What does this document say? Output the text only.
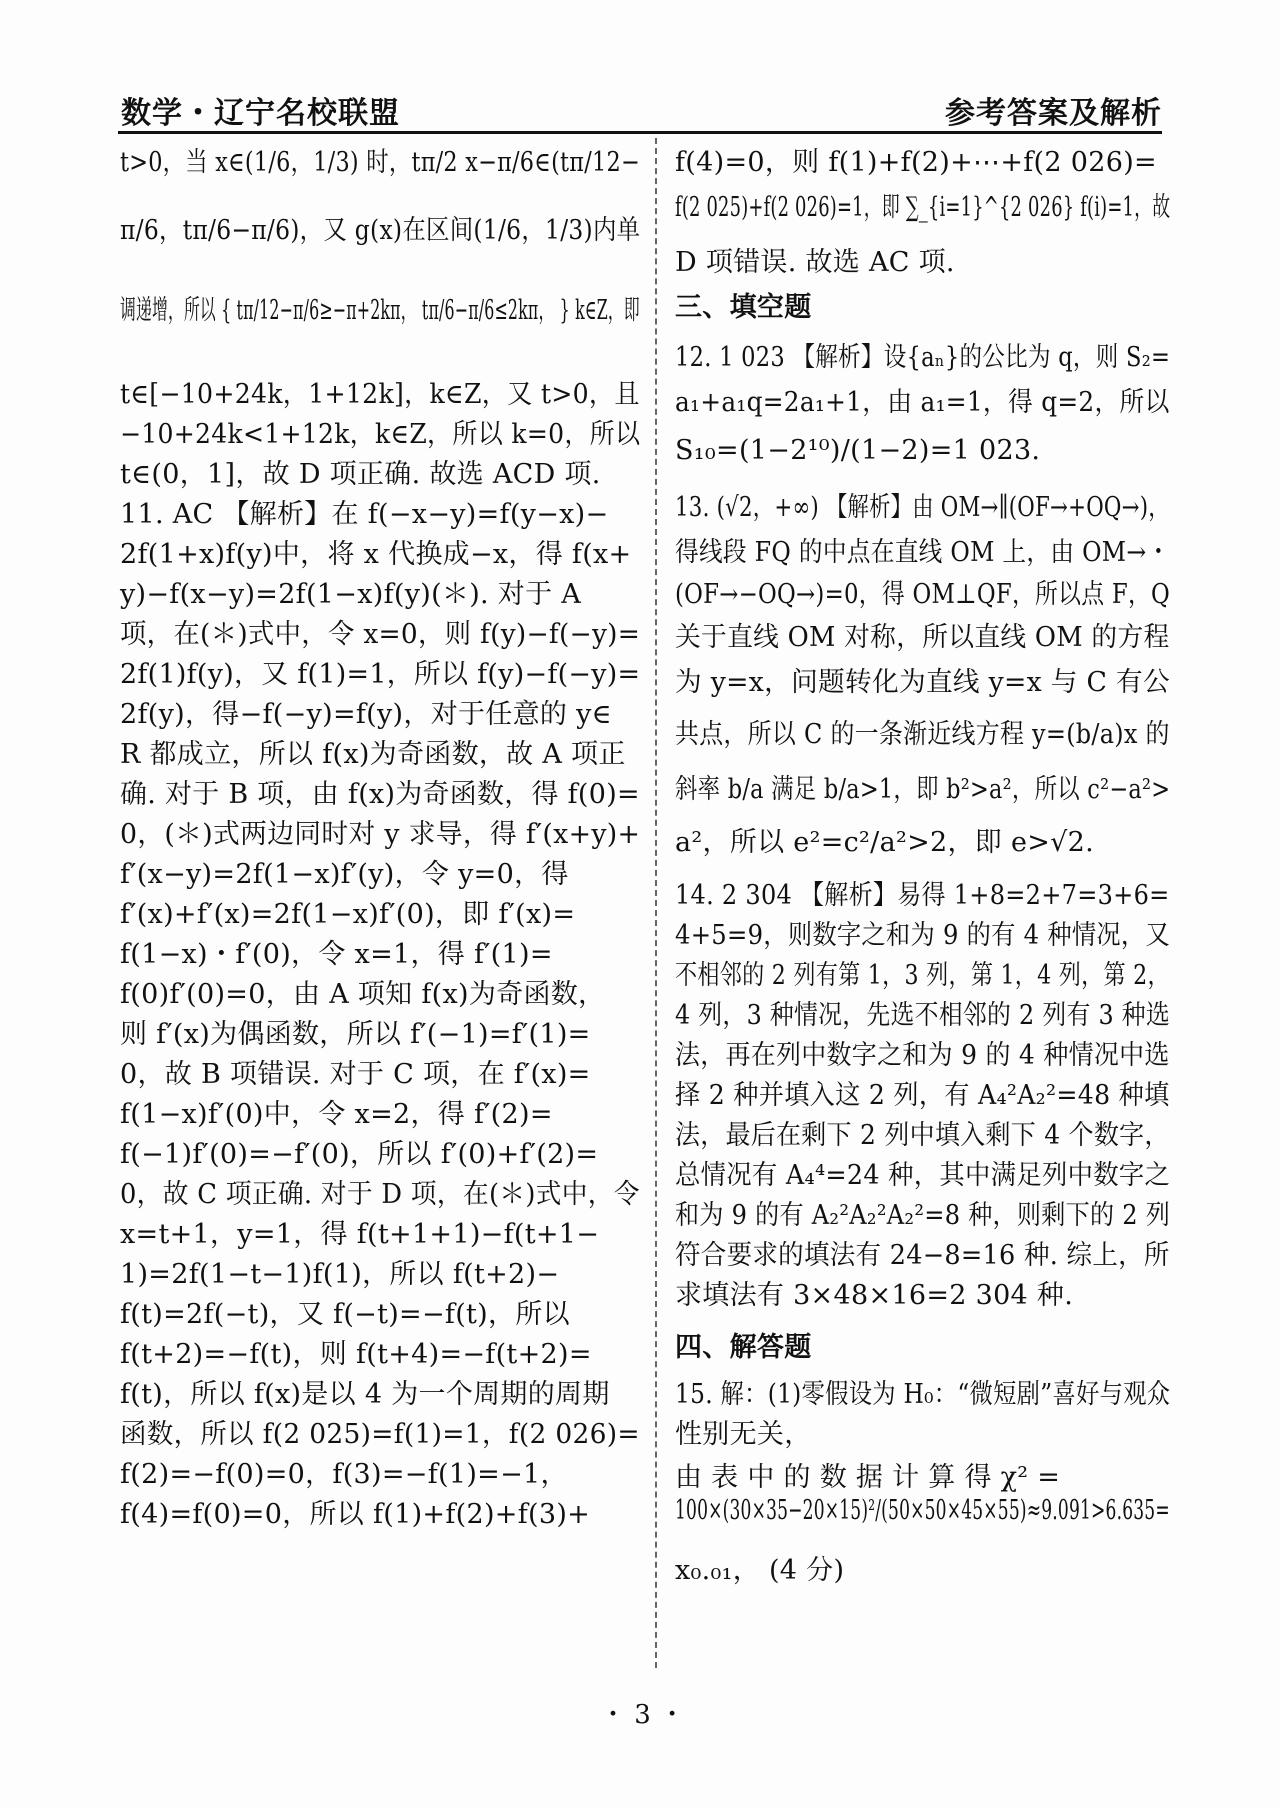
数学・辽宁名校联盟	参考答案及解析
t>0，当 x∈(1/6，1/3) 时，tπ/2 x−π/6∈(tπ/12−
π/6，tπ/6−π/6)，又 g(x)在区间(1/6，1/3)内单
调递增，所以 { tπ/12−π/6≥−π+2kπ， tπ/6−π/6≤2kπ， } k∈Z，即
t∈[−10+24k，1+12k]，k∈Z，又 t>0，且
−10+24k<1+12k，k∈Z，所以 k=0，所以
t∈(0，1]，故 D 项正确. 故选 ACD 项.
11. AC 【解析】在 f(−x−y)=f(y−x)−
2f(1+x)f(y)中，将 x 代换成−x，得 f(x+
y)−f(x−y)=2f(1−x)f(y)(＊). 对于 A
项，在(＊)式中，令 x=0，则 f(y)−f(−y)=
2f(1)f(y)，又 f(1)=1，所以 f(y)−f(−y)=
2f(y)，得−f(−y)=f(y)，对于任意的 y∈
R 都成立，所以 f(x)为奇函数，故 A 项正
确. 对于 B 项，由 f(x)为奇函数，得 f(0)=
0，(＊)式两边同时对 y 求导，得 f′(x+y)+
f′(x−y)=2f(1−x)f′(y)，令 y=0，得
f′(x)+f′(x)=2f(1−x)f′(0)，即 f′(x)=
f(1−x)・f′(0)，令 x=1，得 f′(1)=
f(0)f′(0)=0，由 A 项知 f(x)为奇函数，
则 f′(x)为偶函数，所以 f′(−1)=f′(1)=
0，故 B 项错误. 对于 C 项，在 f′(x)=
f(1−x)f′(0)中，令 x=2，得 f′(2)=
f(−1)f′(0)=−f′(0)，所以 f′(0)+f′(2)=
0，故 C 项正确. 对于 D 项，在(＊)式中，令
x=t+1，y=1，得 f(t+1+1)−f(t+1−
1)=2f(1−t−1)f(1)，所以 f(t+2)−
f(t)=2f(−t)，又 f(−t)=−f(t)，所以
f(t+2)=−f(t)，则 f(t+4)=−f(t+2)=
f(t)，所以 f(x)是以 4 为一个周期的周期
函数，所以 f(2 025)=f(1)=1，f(2 026)=
f(2)=−f(0)=0，f(3)=−f(1)=−1，
f(4)=f(0)=0，所以 f(1)+f(2)+f(3)+
f(4)=0，则 f(1)+f(2)+⋯+f(2 026)=
f(2 025)+f(2 026)=1，即 ∑_{i=1}^{2 026} f(i)=1，故
D 项错误. 故选 AC 项.
三、填空题
12. 1 023 【解析】设{aₙ}的公比为 q，则 S₂=
a₁+a₁q=2a₁+1，由 a₁=1，得 q=2，所以
S₁₀=(1−2¹⁰)/(1−2)=1 023.
13. (√2，+∞) 【解析】由 OM→∥(OF→+OQ→)，
得线段 FQ 的中点在直线 OM 上，由 OM→・
(OF→−OQ→)=0，得 OM⊥QF，所以点 F，Q
关于直线 OM 对称，所以直线 OM 的方程
为 y=x，问题转化为直线 y=x 与 C 有公
共点，所以 C 的一条渐近线方程 y=(b/a)x 的
斜率 b/a 满足 b/a>1，即 b²>a²，所以 c²−a²>
a²，所以 e²=c²/a²>2，即 e>√2.
14. 2 304 【解析】易得 1+8=2+7=3+6=
4+5=9，则数字之和为 9 的有 4 种情况，又
不相邻的 2 列有第 1，3 列，第 1，4 列，第 2，
4 列，3 种情况，先选不相邻的 2 列有 3 种选
法，再在列中数字之和为 9 的 4 种情况中选
择 2 种并填入这 2 列，有 A₄²A₂²=48 种填
法，最后在剩下 2 列中填入剩下 4 个数字，
总情况有 A₄⁴=24 种，其中满足列中数字之
和为 9 的有 A₂²A₂²A₂²=8 种，则剩下的 2 列
符合要求的填法有 24−8=16 种. 综上，所
求填法有 3×48×16=2 304 种.
四、解答题
15. 解：(1)零假设为 H₀：“微短剧”喜好与观众
性别无关，
由 表 中 的 数 据 计 算 得 χ² =
100×(30×35−20×15)²/(50×50×45×55)≈9.091>6.635=
x₀.₀₁， (4 分)
・ 3 ・
